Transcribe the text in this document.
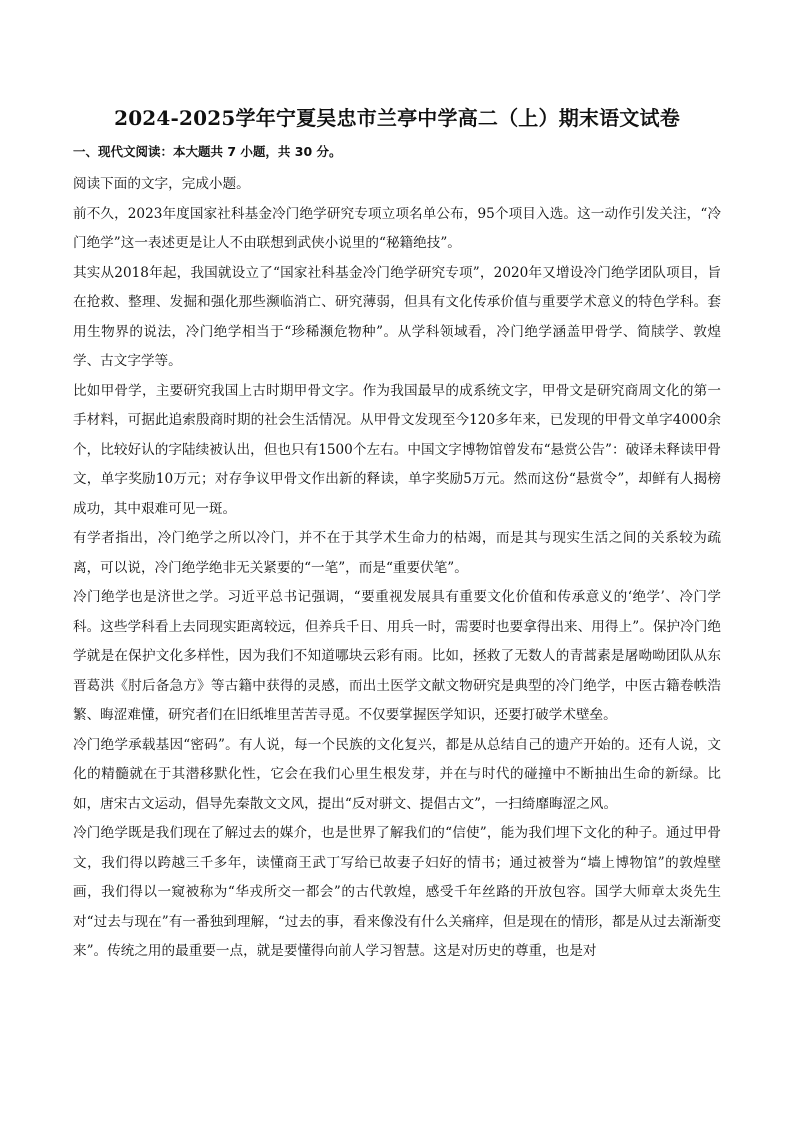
2024-2025学年宁夏吴忠市兰亭中学高二（上）期末语文试卷
一、现代文阅读：本大题共 7 小题，共 30 分。

阅读下面的文字，完成小题。

前不久，2023年度国家社科基金冷门绝学研究专项立项名单公布，95个项目入选。这一动作引发关注，“冷门绝学”这一表述更是让人不由联想到武侠小说里的“秘籍绝技”。

其实从2018年起，我国就设立了“国家社科基金冷门绝学研究专项”，2020年又增设冷门绝学团队项目，旨在抢救、整理、发掘和强化那些濒临消亡、研究薄弱，但具有文化传承价值与重要学术意义的特色学科。套用生物界的说法，冷门绝学相当于“珍稀濒危物种”。从学科领域看，冷门绝学涵盖甲骨学、简牍学、敦煌学、古文字学等。

比如甲骨学，主要研究我国上古时期甲骨文字。作为我国最早的成系统文字，甲骨文是研究商周文化的第一手材料，可据此追索殷商时期的社会生活情况。从甲骨文发现至今120多年来，已发现的甲骨文单字4000余个，比较好认的字陆续被认出，但也只有1500个左右。中国文字博物馆曾发布“悬赏公告”：破译未释读甲骨文，单字奖励10万元；对存争议甲骨文作出新的释读，单字奖励5万元。然而这份“悬赏令”，却鲜有人揭榜成功，其中艰难可见一斑。

有学者指出，冷门绝学之所以冷门，并不在于其学术生命力的枯竭，而是其与现实生活之间的关系较为疏离，可以说，冷门绝学绝非无关紧要的“一笔”，而是“重要伏笔”。

冷门绝学也是济世之学。习近平总书记强调，“要重视发展具有重要文化价值和传承意义的‘绝学’、冷门学科。这些学科看上去同现实距离较远，但养兵千日、用兵一时，需要时也要拿得出来、用得上”。保护冷门绝学就是在保护文化多样性，因为我们不知道哪块云彩有雨。比如，拯救了无数人的青蒿素是屠呦呦团队从东晋葛洪《肘后备急方》等古籍中获得的灵感，而出土医学文献文物研究是典型的冷门绝学，中医古籍卷帙浩繁、晦涩难懂，研究者们在旧纸堆里苦苦寻觅。不仅要掌握医学知识，还要打破学术壁垒。

冷门绝学承载基因“密码”。有人说，每一个民族的文化复兴，都是从总结自己的遗产开始的。还有人说，文化的精髓就在于其潜移默化性，它会在我们心里生根发芽，并在与时代的碰撞中不断抽出生命的新绿。比如，唐宋古文运动，倡导先秦散文文风，提出“反对骈文、提倡古文”，一扫绮靡晦涩之风。

冷门绝学既是我们现在了解过去的媒介，也是世界了解我们的“信使”，能为我们埋下文化的种子。通过甲骨文，我们得以跨越三千多年，读懂商王武丁写给已故妻子妇好的情书；通过被誉为“墙上博物馆”的敦煌壁画，我们得以一窥被称为“华戎所交一都会”的古代敦煌，感受千年丝路的开放包容。国学大师章太炎先生对“过去与现在”有一番独到理解，“过去的事，看来像没有什么关痛痒，但是现在的情形，都是从过去渐渐变来”。传统之用的最重要一点，就是要懂得向前人学习智慧。这是对历史的尊重，也是对
